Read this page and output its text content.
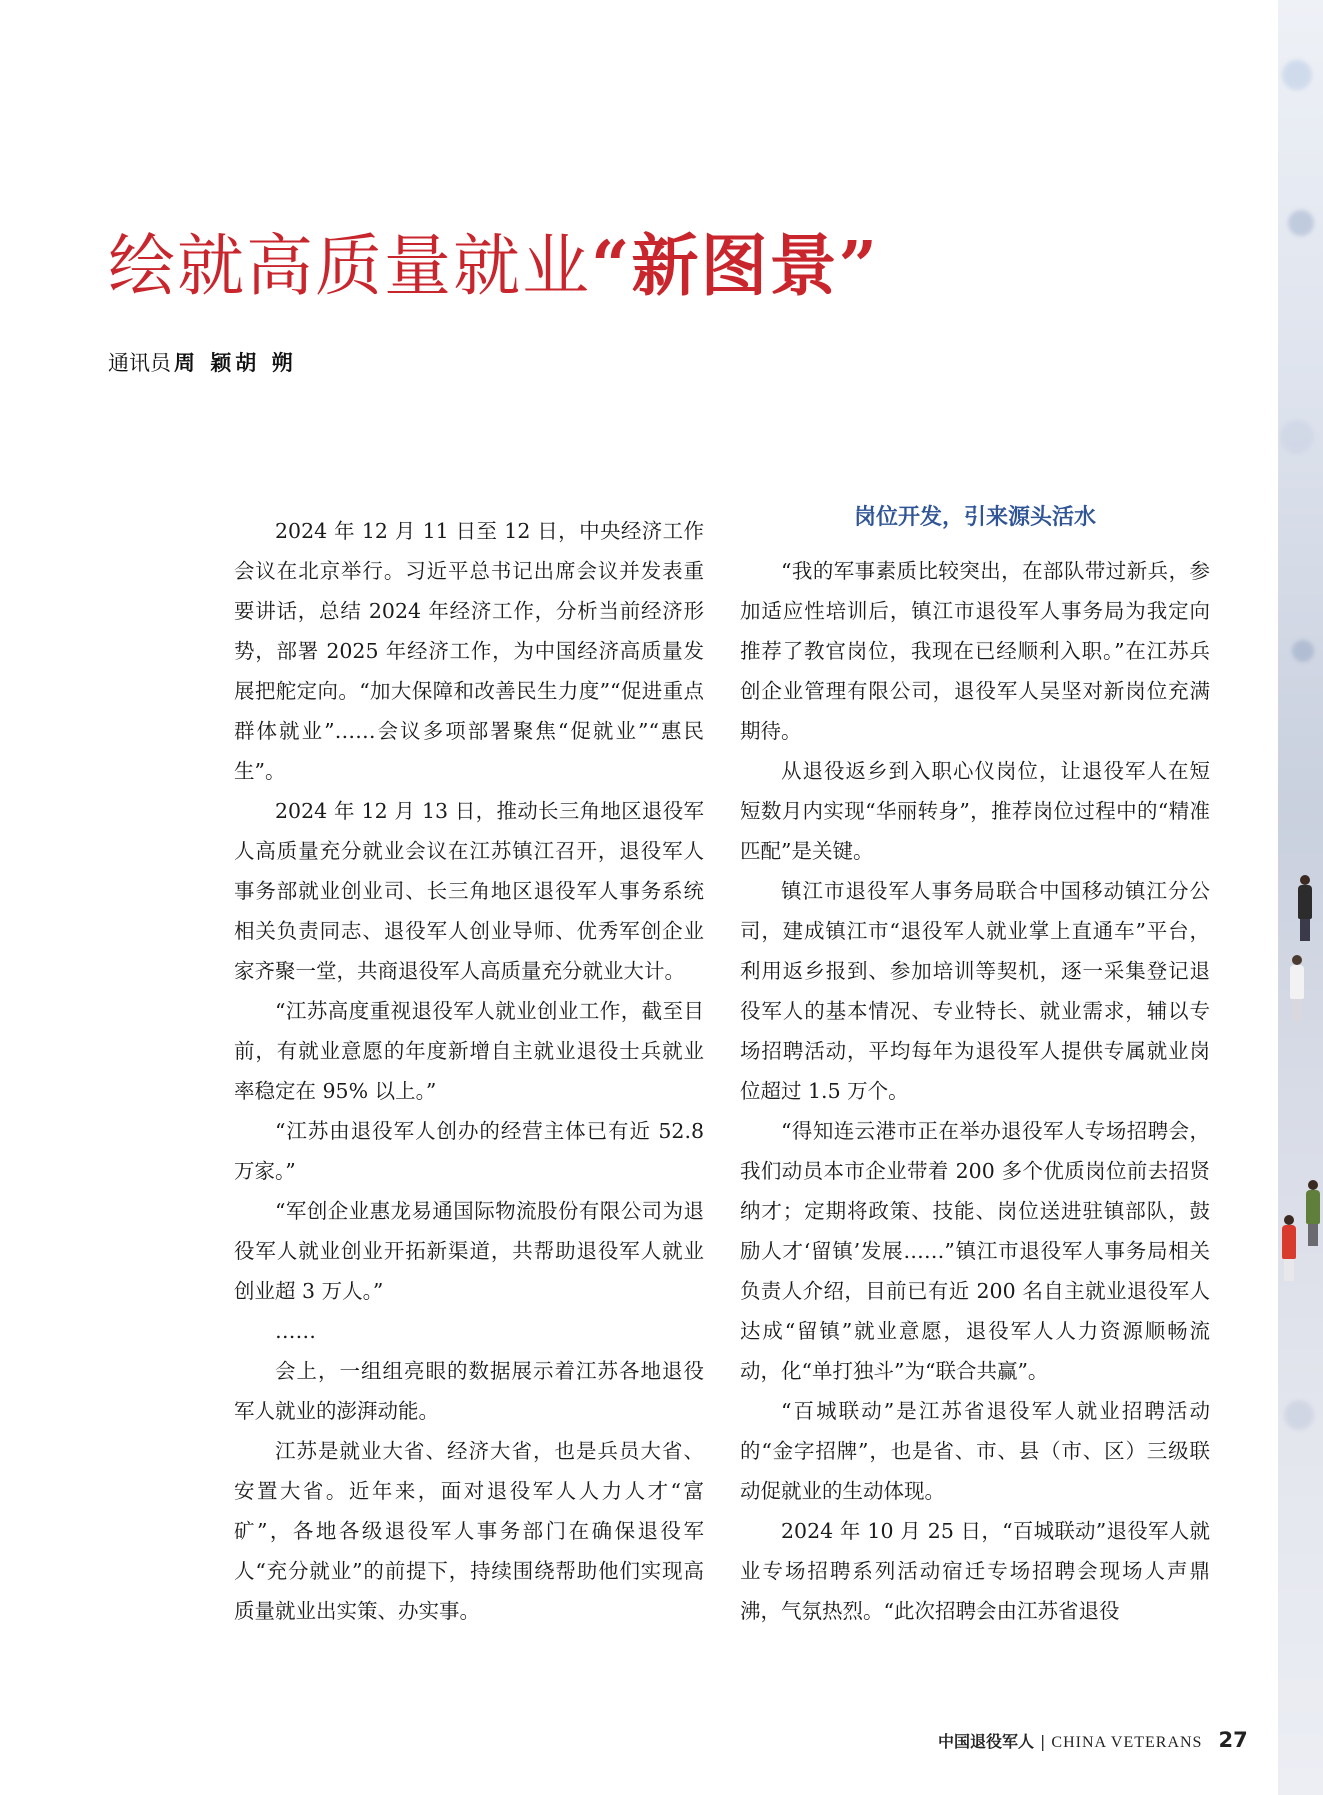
绘就高质量就业“新图景”
通讯员 周 颖胡 朔

2024 年 12 月 11 日至 12 日，中央经济工作会议在北京举行。习近平总书记出席会议并发表重要讲话，总结 2024 年经济工作，分析当前经济形势，部署 2025 年经济工作，为中国经济高质量发展把舵定向。“加大保障和改善民生力度”“促进重点群体就业”……会议多项部署聚焦“促就业”“惠民生”。

2024 年 12 月 13 日，推动长三角地区退役军人高质量充分就业会议在江苏镇江召开，退役军人事务部就业创业司、长三角地区退役军人事务系统相关负责同志、退役军人创业导师、优秀军创企业家齐聚一堂，共商退役军人高质量充分就业大计。

“江苏高度重视退役军人就业创业工作，截至目前，有就业意愿的年度新增自主就业退役士兵就业率稳定在 95% 以上。”

“江苏由退役军人创办的经营主体已有近 52.8 万家。”

“军创企业惠龙易通国际物流股份有限公司为退役军人就业创业开拓新渠道，共帮助退役军人就业创业超 3 万人。”

……

会上，一组组亮眼的数据展示着江苏各地退役军人就业的澎湃动能。

江苏是就业大省、经济大省，也是兵员大省、安置大省。近年来，面对退役军人人力人才“富矿”，各地各级退役军人事务部门在确保退役军人“充分就业”的前提下，持续围绕帮助他们实现高质量就业出实策、办实事。

岗位开发，引来源头活水

“我的军事素质比较突出，在部队带过新兵，参加适应性培训后，镇江市退役军人事务局为我定向推荐了教官岗位，我现在已经顺利入职。”在江苏兵创企业管理有限公司，退役军人吴坚对新岗位充满期待。

从退役返乡到入职心仪岗位，让退役军人在短短数月内实现“华丽转身”，推荐岗位过程中的“精准匹配”是关键。

镇江市退役军人事务局联合中国移动镇江分公司，建成镇江市“退役军人就业掌上直通车”平台，利用返乡报到、参加培训等契机，逐一采集登记退役军人的基本情况、专业特长、就业需求，辅以专场招聘活动，平均每年为退役军人提供专属就业岗位超过 1.5 万个。

“得知连云港市正在举办退役军人专场招聘会，我们动员本市企业带着 200 多个优质岗位前去招贤纳才；定期将政策、技能、岗位送进驻镇部队，鼓励人才‘留镇’发展……”镇江市退役军人事务局相关负责人介绍，目前已有近 200 名自主就业退役军人达成“留镇”就业意愿，退役军人人力资源顺畅流动，化“单打独斗”为“联合共赢”。

“百城联动”是江苏省退役军人就业招聘活动的“金字招牌”，也是省、市、县（市、区）三级联动促就业的生动体现。

2024 年 10 月 25 日，“百城联动”退役军人就业专场招聘系列活动宿迁专场招聘会现场人声鼎沸，气氛热烈。“此次招聘会由江苏省退役

中国退役军人 | CHINA VETERANS 27
